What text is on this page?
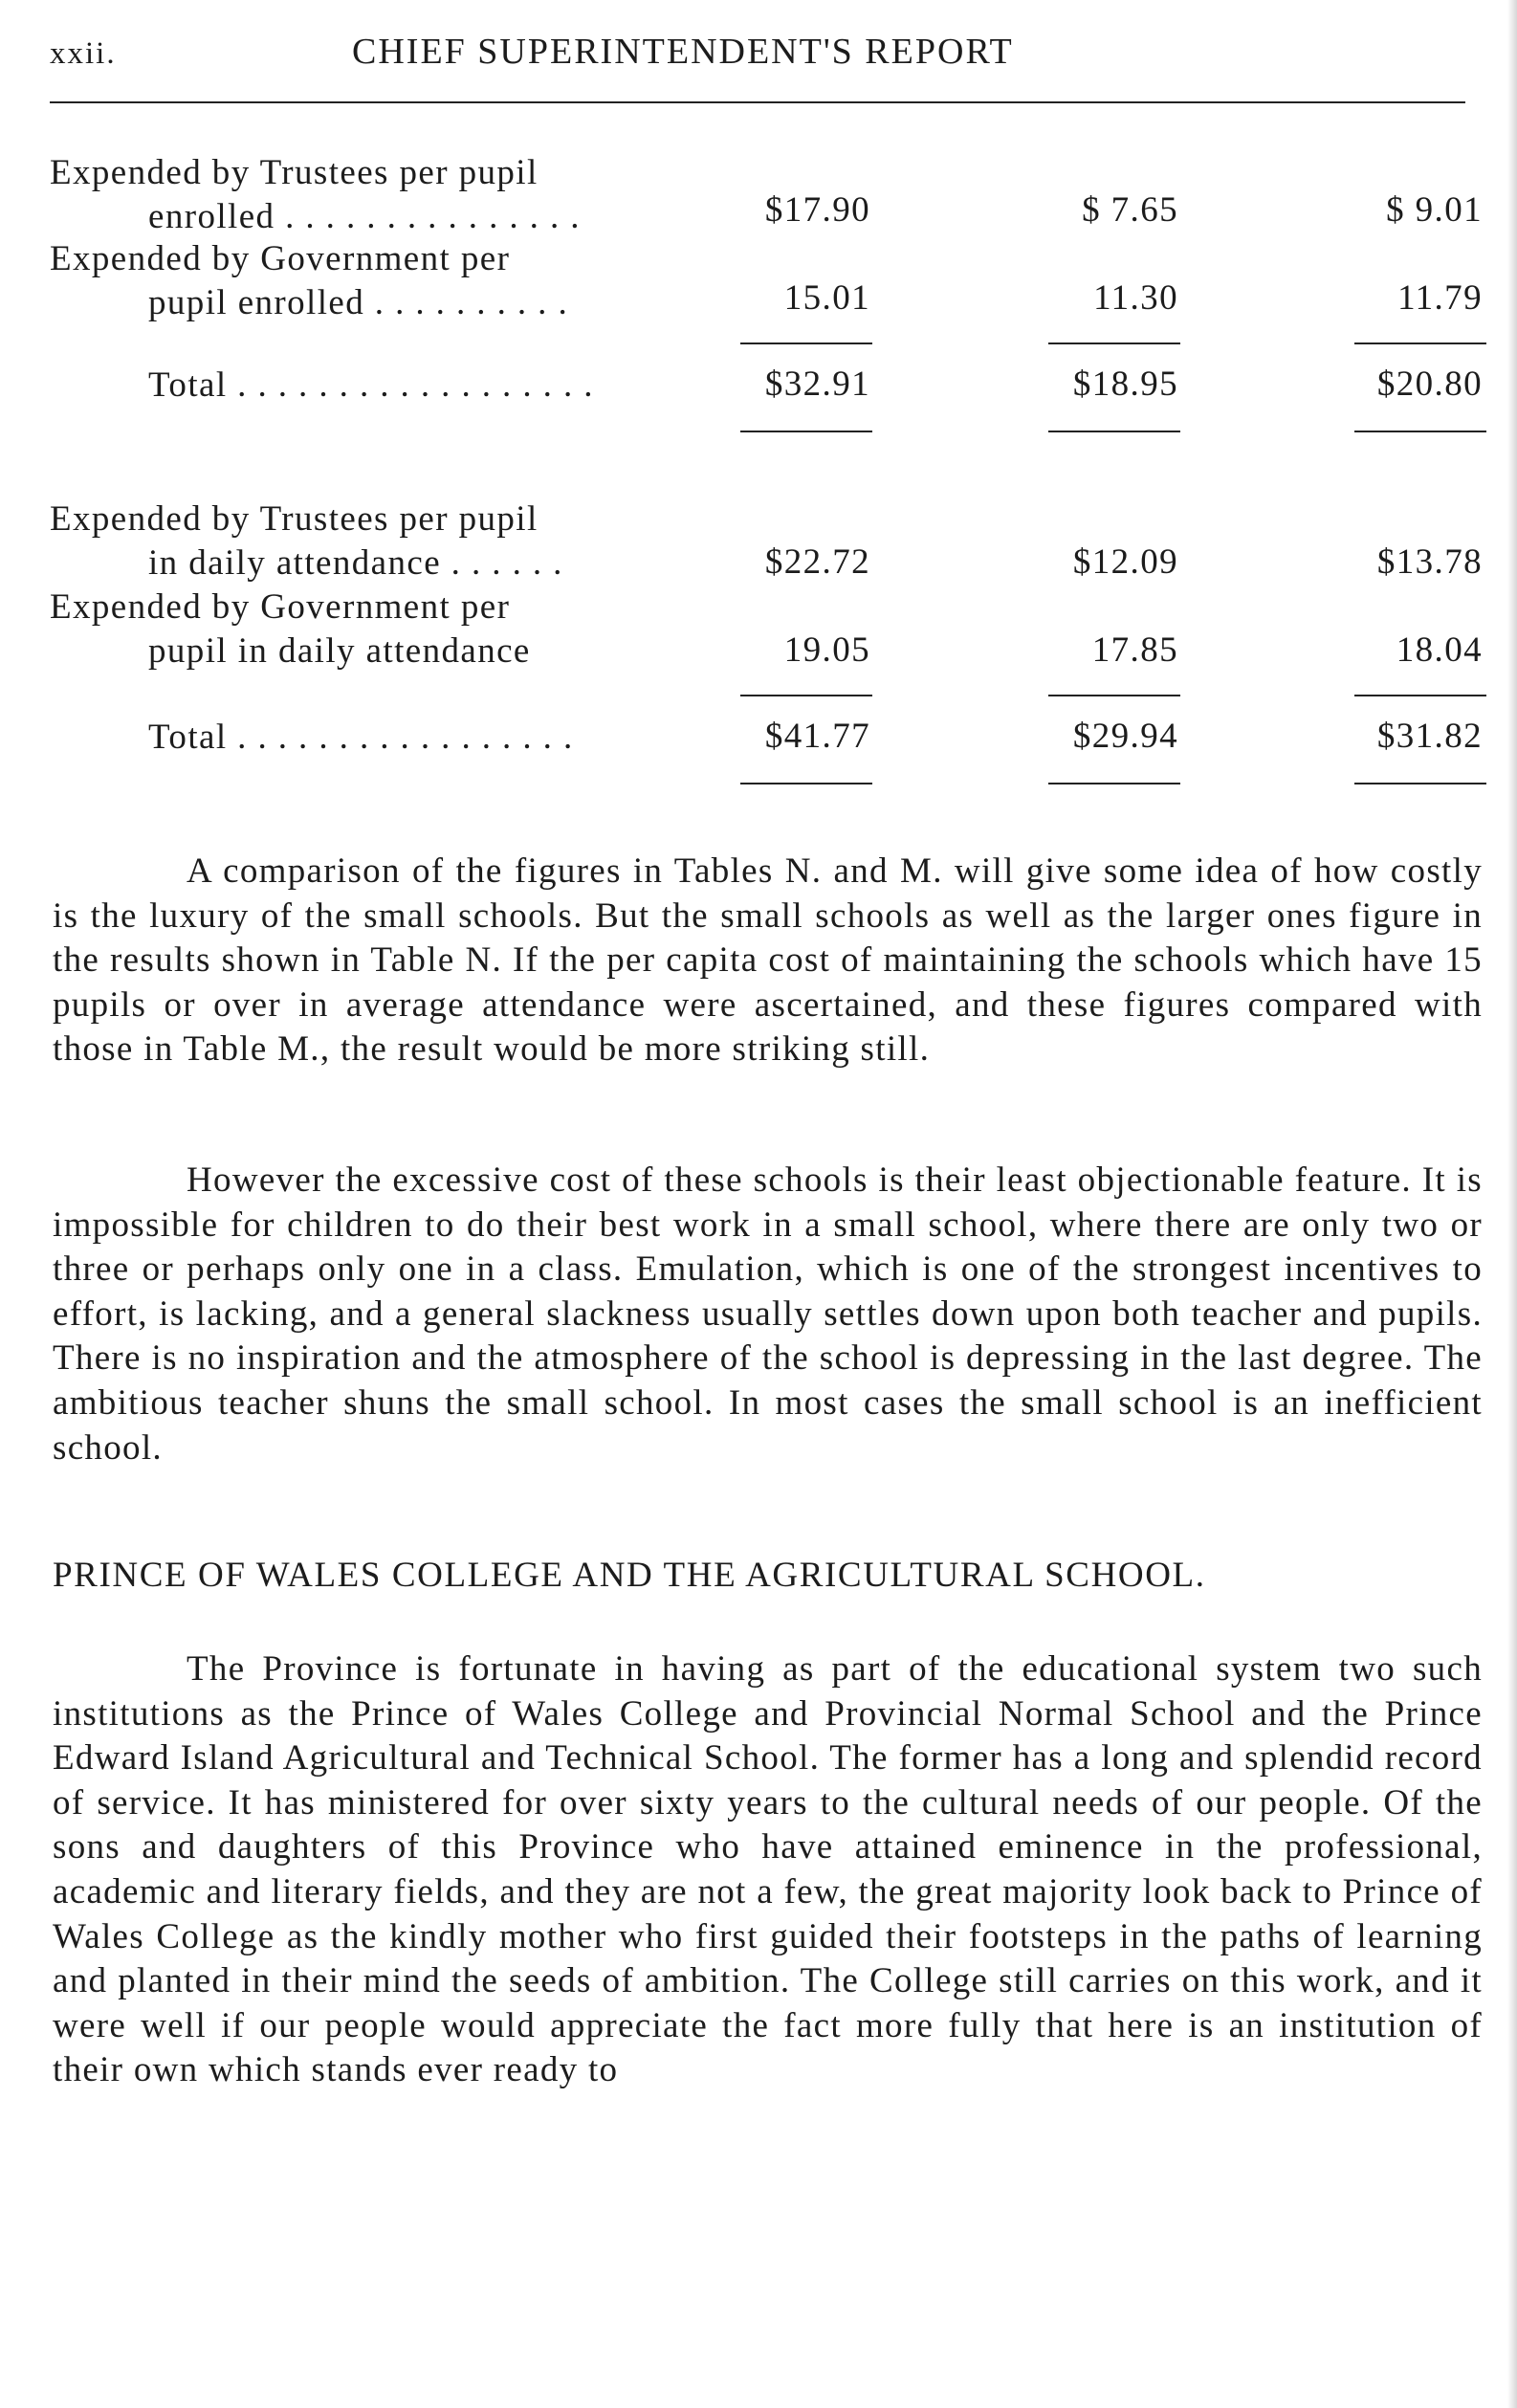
xxii.	CHIEF SUPERINTENDENT'S REPORT
Expended by Trustees per pupil
enrolled . . . . . . . . . . . . . . .	$17.90	$ 7.65	$ 9.01
Expended by Government per
pupil enrolled . . . . . . . . . .	15.01	11.30	11.79
Total . . . . . . . . . . . . . . . . . .	$32.91	$18.95	$20.80
Expended by Trustees per pupil
in daily attendance . . . . . .	$22.72	$12.09	$13.78
Expended by Government per
pupil in daily attendance	19.05	17.85	18.04
Total . . . . . . . . . . . . . . . . .	$41.77	$29.94	$31.82

A comparison of the figures in Tables N. and M. will give some idea of how costly is the luxury of the small schools. But the small schools as well as the larger ones figure in the results shown in Table N. If the per capita cost of maintaining the schools which have 15 pupils or over in average attendance were ascertained, and these figures compared with those in Table M., the result would be more striking still.

However the excessive cost of these schools is their least objectionable feature. It is impossible for children to do their best work in a small school, where there are only two or three or perhaps only one in a class. Emulation, which is one of the strongest incentives to effort, is lacking, and a general slackness usually settles down upon both teacher and pupils. There is no inspiration and the atmosphere of the school is depressing in the last degree. The ambitious teacher shuns the small school. In most cases the small school is an inefficient school.

PRINCE OF WALES COLLEGE AND THE AGRICULTURAL SCHOOL.

The Province is fortunate in having as part of the educational system two such institutions as the Prince of Wales College and Provincial Normal School and the Prince Edward Island Agricultural and Technical School. The former has a long and splendid record of service. It has ministered for over sixty years to the cultural needs of our people. Of the sons and daughters of this Province who have attained eminence in the professional, academic and literary fields, and they are not a few, the great majority look back to Prince of Wales College as the kindly mother who first guided their footsteps in the paths of learning and planted in their mind the seeds of ambition. The College still carries on this work, and it were well if our people would appreciate the fact more fully that here is an institution of their own which stands ever ready to
